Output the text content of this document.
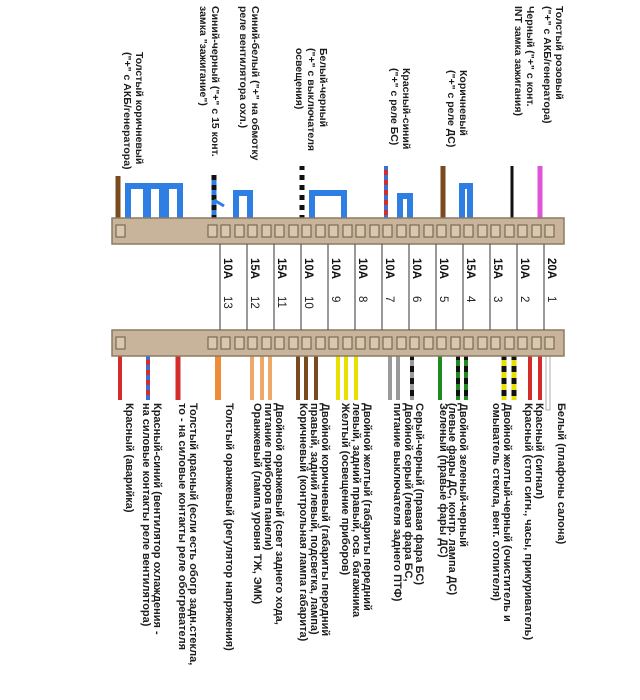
20A
1
10A
2
15A
3
15A
4
10A
5
10A
6
10A
7
10A
8
10A
9
10A
10
15A
11
15A
12
10A
13
Толстый розовый
("+" с АКБ/генератора)
Черный ("+" с конт.
INT замка зажигания)
Коричневый
("+" с реле ДС)
Красный-синий
("+" с реле БС)
Белый-черный
("+" с выключателя
освещения)
Синий-белый ("+" на обмотку
реле вентилятора охл.)
Синий-черный ("+" с 15 конт.
замка "зажигание")
Толстый коричневый
("+" с АКБ/генератора)
Белый (плафоны салона)
Красный (сигнал)
Красный (стоп сигн., часы, прикуриватель)
Двойной желтый-черный (очиститель и
омыватель стекла, вент. отопителя)
Двойной зеленый-черный
(левые фары ДС, контр. лампа ДС)
Зеленый (правые фары ДС)
Серый-черный (правая фара БС)
Двойной серый (левая фара БС,
питание выключателя заднего ПТФ)
Двойной желтый (габариты передний
левый, задний правый, осв. багажника
Желтый (освещение приборов)
Двойной коричневый (габариты передний
правый, задний левый, подсветка, лампа)
Коричневый (контрольная лампа габарита)
Двойной оранжевый (свет заднего хода,
питание приборов панели)
Оранжевый (лампа уровня ТЖ, ЭМК)
Толстый оранжевый (регулятор напряжения)
Толстый красный (если есть обогр задн.стекла,
то - на силовые контакты реле обогревателя
Красный-синий (вентилятор охлаждения -
на силовые контакты реле вентилятора)
Красный (аварийка)
